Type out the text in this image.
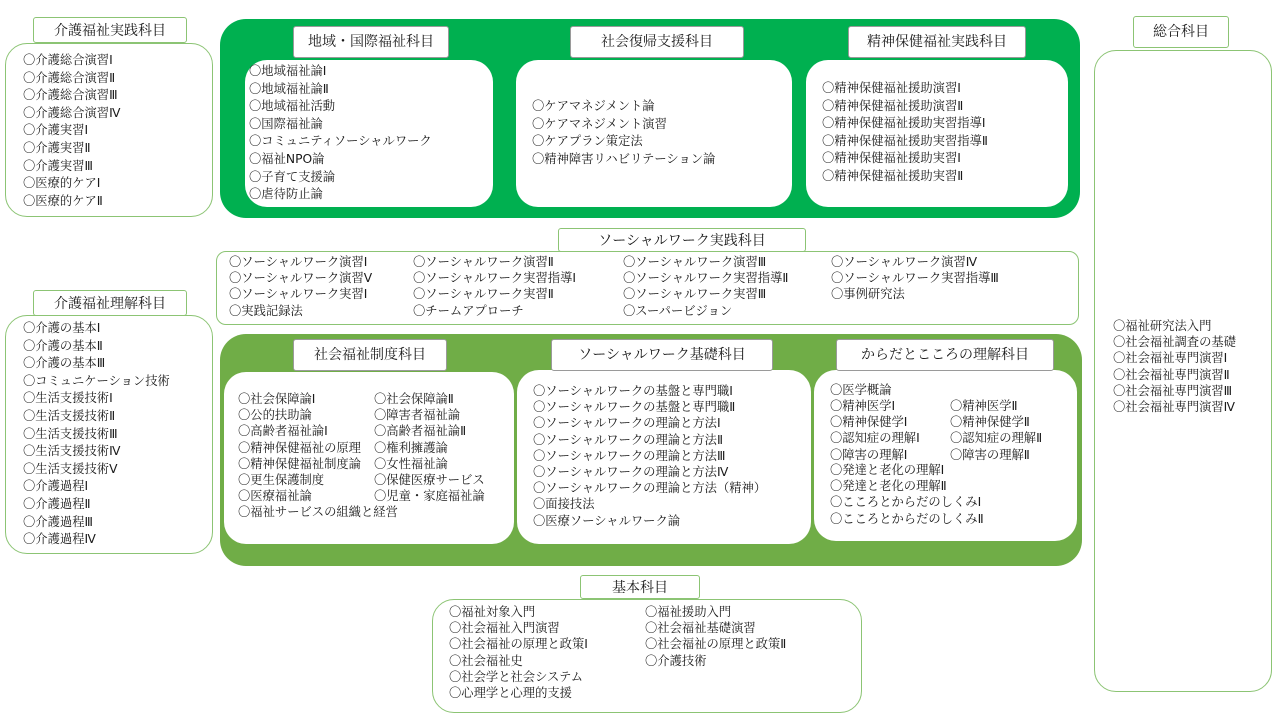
〇介護総合演習Ⅰ
〇介護総合演習Ⅱ
〇介護総合演習Ⅲ
〇介護総合演習Ⅳ
〇介護実習Ⅰ
〇介護実習Ⅱ
〇介護実習Ⅲ
〇医療的ケアⅠ
〇医療的ケアⅡ
介護福祉実践科目
〇介護の基本Ⅰ
〇介護の基本Ⅱ
〇介護の基本Ⅲ
〇コミュニケーション技術
〇生活支援技術Ⅰ
〇生活支援技術Ⅱ
〇生活支援技術Ⅲ
〇生活支援技術Ⅳ
〇生活支援技術Ⅴ
〇介護過程Ⅰ
〇介護過程Ⅱ
〇介護過程Ⅲ
〇介護過程Ⅳ
介護福祉理解科目
〇地域福祉論Ⅰ
〇地域福祉論Ⅱ
〇地域福祉活動
〇国際福祉論
〇コミュニティソーシャルワーク
〇福祉NPO論
〇子育て支援論
〇虐待防止論
地域・国際福祉科目
〇ケアマネジメント論
〇ケアマネジメント演習
〇ケアプラン策定法
〇精神障害リハビリテーション論
社会復帰支援科目
〇精神保健福祉援助演習Ⅰ
〇精神保健福祉援助演習Ⅱ
〇精神保健福祉援助実習指導Ⅰ
〇精神保健福祉援助実習指導Ⅱ
〇精神保健福祉援助実習Ⅰ
〇精神保健福祉援助実習Ⅱ
精神保健福祉実践科目
〇ソーシャルワーク演習Ⅰ
〇ソーシャルワーク演習Ⅴ
〇ソーシャルワーク実習Ⅰ
〇実践記録法
〇ソーシャルワーク演習Ⅱ
〇ソーシャルワーク実習指導Ⅰ
〇ソーシャルワーク実習Ⅱ
〇チームアプローチ
〇ソーシャルワーク演習Ⅲ
〇ソーシャルワーク実習指導Ⅱ
〇ソーシャルワーク実習Ⅲ
〇スーパービジョン
〇ソーシャルワーク演習Ⅳ
〇ソーシャルワーク実習指導Ⅲ
〇事例研究法
ソーシャルワーク実践科目
〇社会保障論Ⅰ
〇公的扶助論
〇高齢者福祉論Ⅰ
〇精神保健福祉の原理
〇精神保健福祉制度論
〇更生保護制度
〇医療福祉論
〇福祉サービスの組織と経営
〇社会保障論Ⅱ
〇障害者福祉論
〇高齢者福祉論Ⅱ
〇権利擁護論
〇女性福祉論
〇保健医療サービス
〇児童・家庭福祉論
社会福祉制度科目
〇ソーシャルワークの基盤と専門職Ⅰ
〇ソーシャルワークの基盤と専門職Ⅱ
〇ソーシャルワークの理論と方法Ⅰ
〇ソーシャルワークの理論と方法Ⅱ
〇ソーシャルワークの理論と方法Ⅲ
〇ソーシャルワークの理論と方法Ⅳ
〇ソーシャルワークの理論と方法（精神）
〇面接技法
〇医療ソーシャルワーク論
ソーシャルワーク基礎科目
〇医学概論
〇精神医学Ⅰ
〇精神保健学Ⅰ
〇認知症の理解Ⅰ
〇障害の理解Ⅰ
〇精神医学Ⅱ
〇精神保健学Ⅱ
〇認知症の理解Ⅱ
〇障害の理解Ⅱ
〇発達と老化の理解Ⅰ
〇発達と老化の理解Ⅱ
〇こころとからだのしくみⅠ
〇こころとからだのしくみⅡ
からだとこころの理解科目
〇福祉対象入門
〇社会福祉入門演習
〇社会福祉の原理と政策Ⅰ
〇社会福祉史
〇社会学と社会システム
〇心理学と心理的支援
〇福祉援助入門
〇社会福祉基礎演習
〇社会福祉の原理と政策Ⅱ
〇介護技術
基本科目
〇福祉研究法入門
〇社会福祉調査の基礎
〇社会福祉専門演習Ⅰ
〇社会福祉専門演習Ⅱ
〇社会福祉専門演習Ⅲ
〇社会福祉専門演習Ⅳ
総合科目
